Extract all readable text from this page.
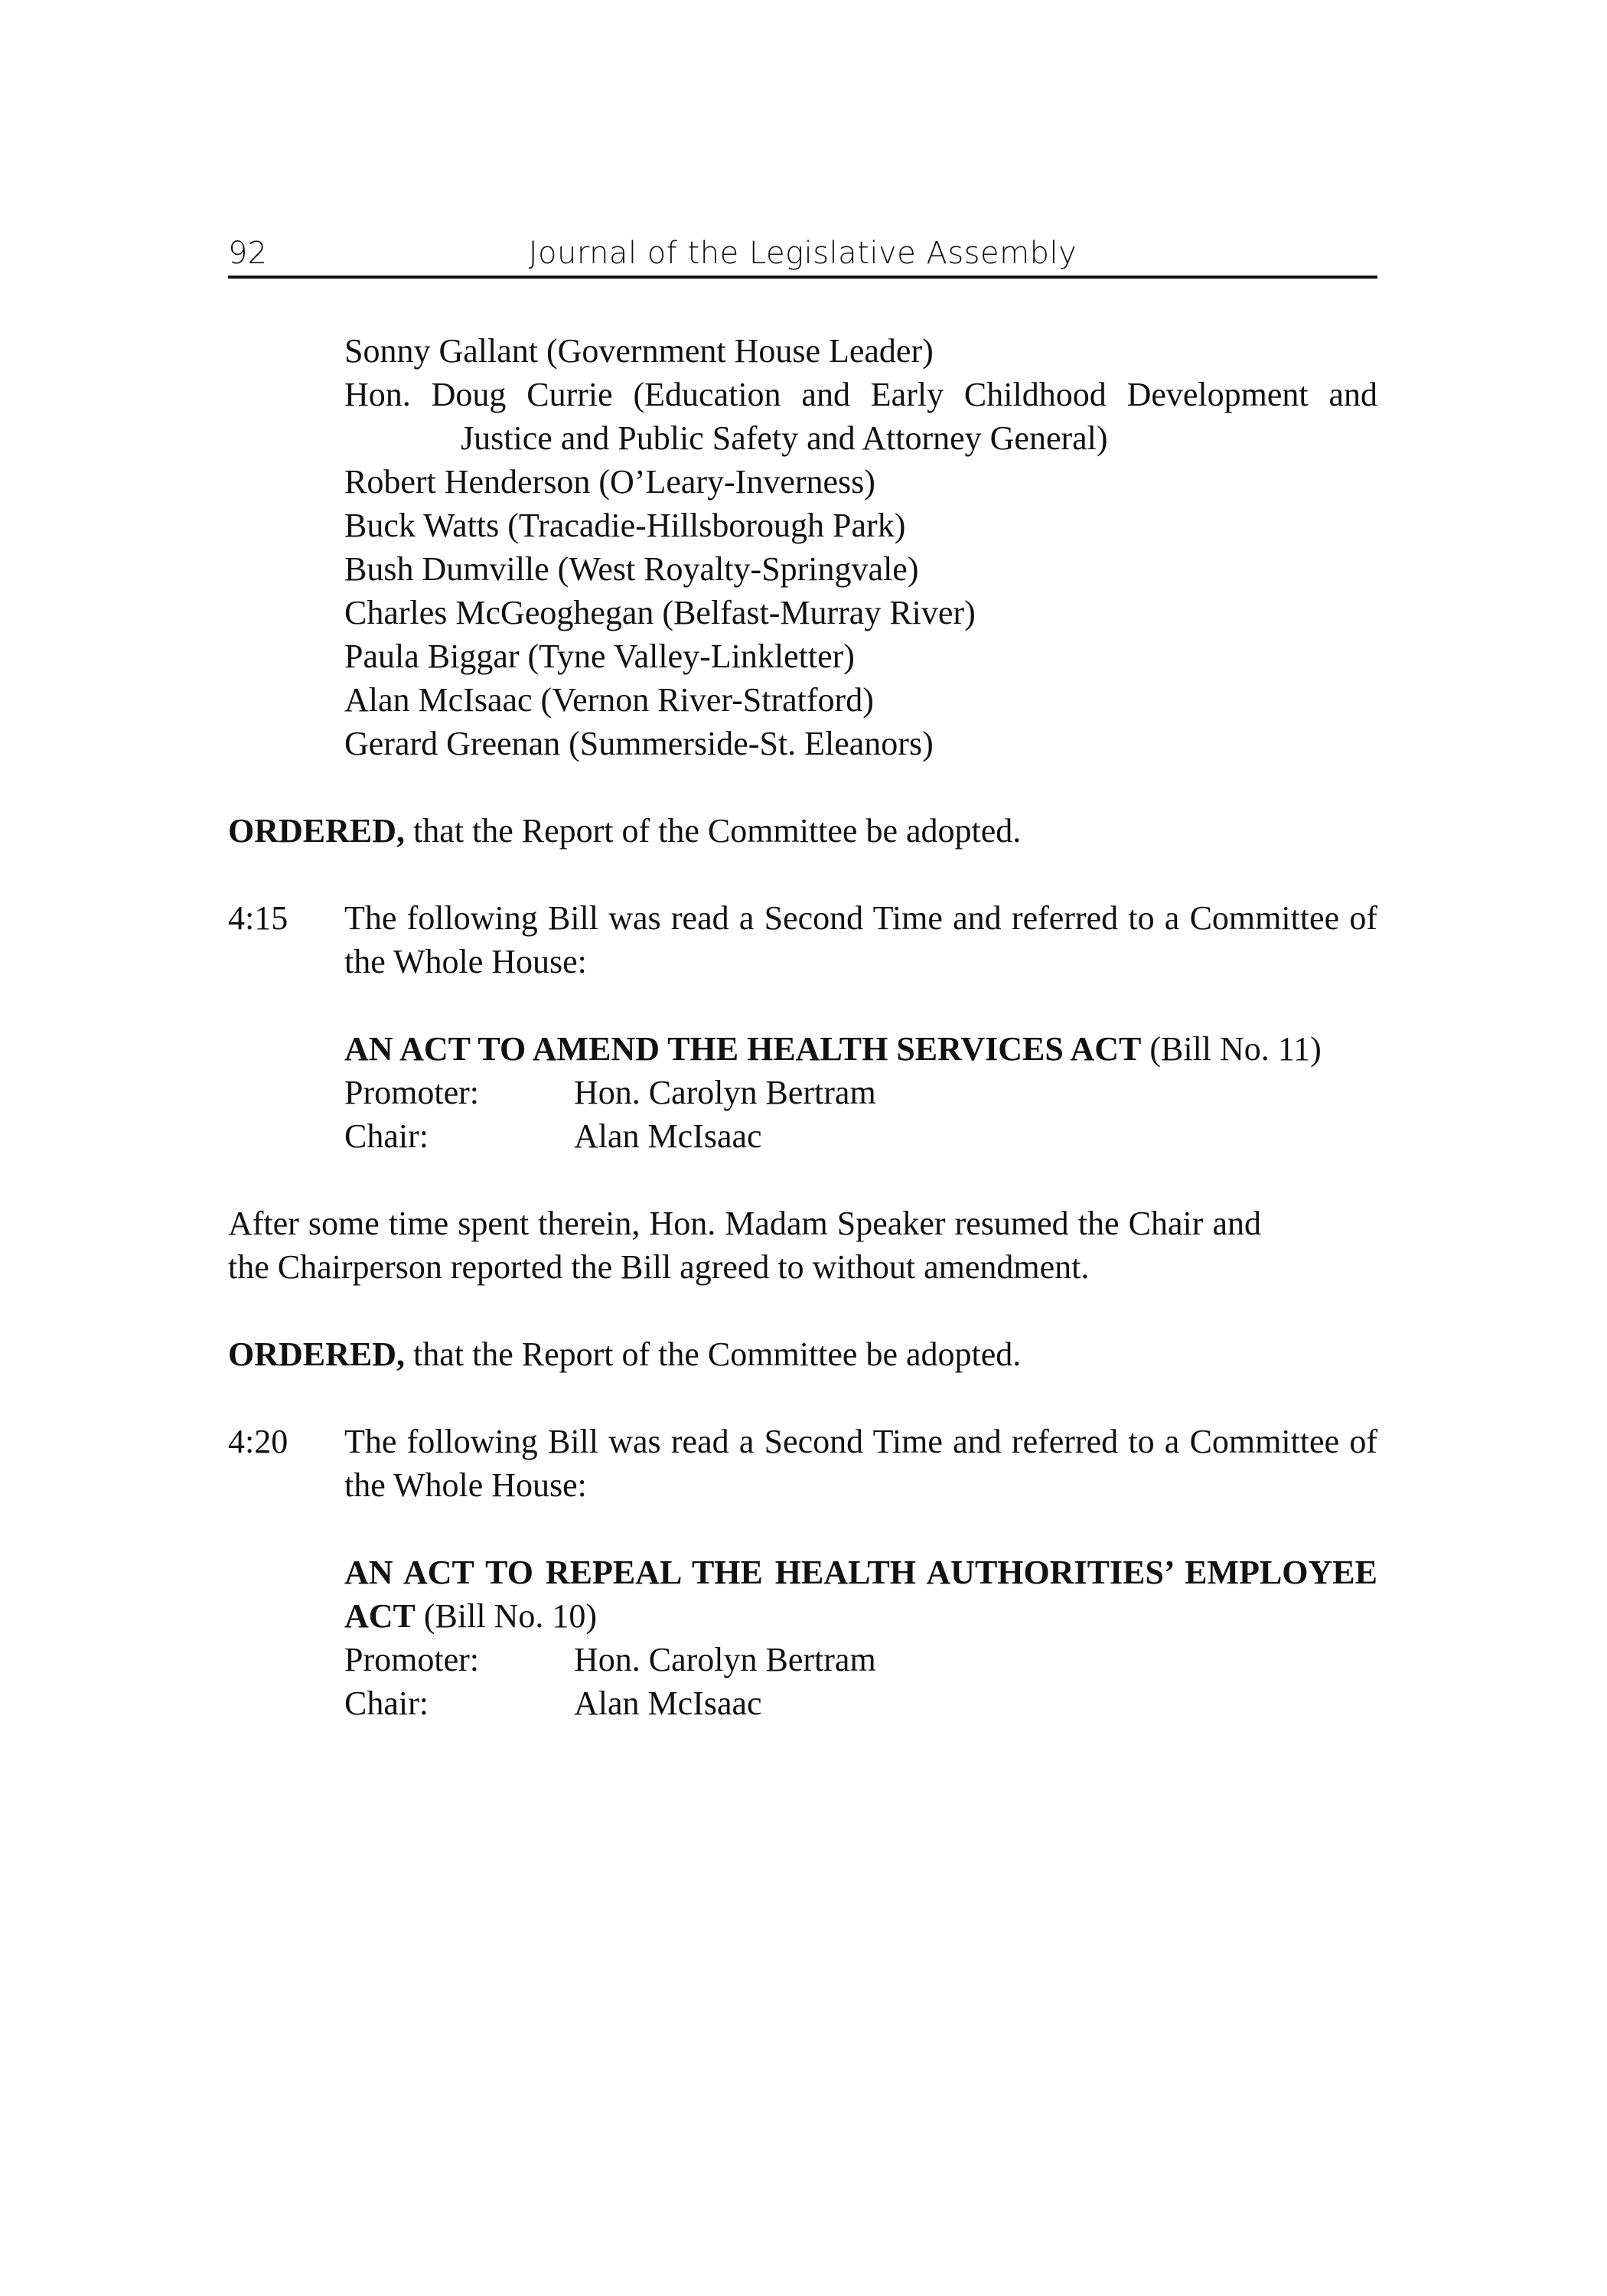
92	Journal of the Legislative Assembly
Sonny Gallant (Government House Leader)
Hon. Doug Currie (Education and Early Childhood Development and Justice and Public Safety and Attorney General)
Robert Henderson (O’Leary-Inverness)
Buck Watts (Tracadie-Hillsborough Park)
Bush Dumville (West Royalty-Springvale)
Charles McGeoghegan (Belfast-Murray River)
Paula Biggar (Tyne Valley-Linkletter)
Alan McIsaac (Vernon River-Stratford)
Gerard Greenan (Summerside-St. Eleanors)

ORDERED, that the Report of the Committee be adopted.

4:15	The following Bill was read a Second Time and referred to a Committee of the Whole House:
AN ACT TO AMEND THE HEALTH SERVICES ACT (Bill No. 11)
Promoter:	Hon. Carolyn Bertram
Chair:	Alan McIsaac

After some time spent therein, Hon. Madam Speaker resumed the Chair and the Chairperson reported the Bill agreed to without amendment.

ORDERED, that the Report of the Committee be adopted.

4:20	The following Bill was read a Second Time and referred to a Committee of the Whole House:
AN ACT TO REPEAL THE HEALTH AUTHORITIES’ EMPLOYEE ACT (Bill No. 10)
Promoter:	Hon. Carolyn Bertram
Chair:	Alan McIsaac
